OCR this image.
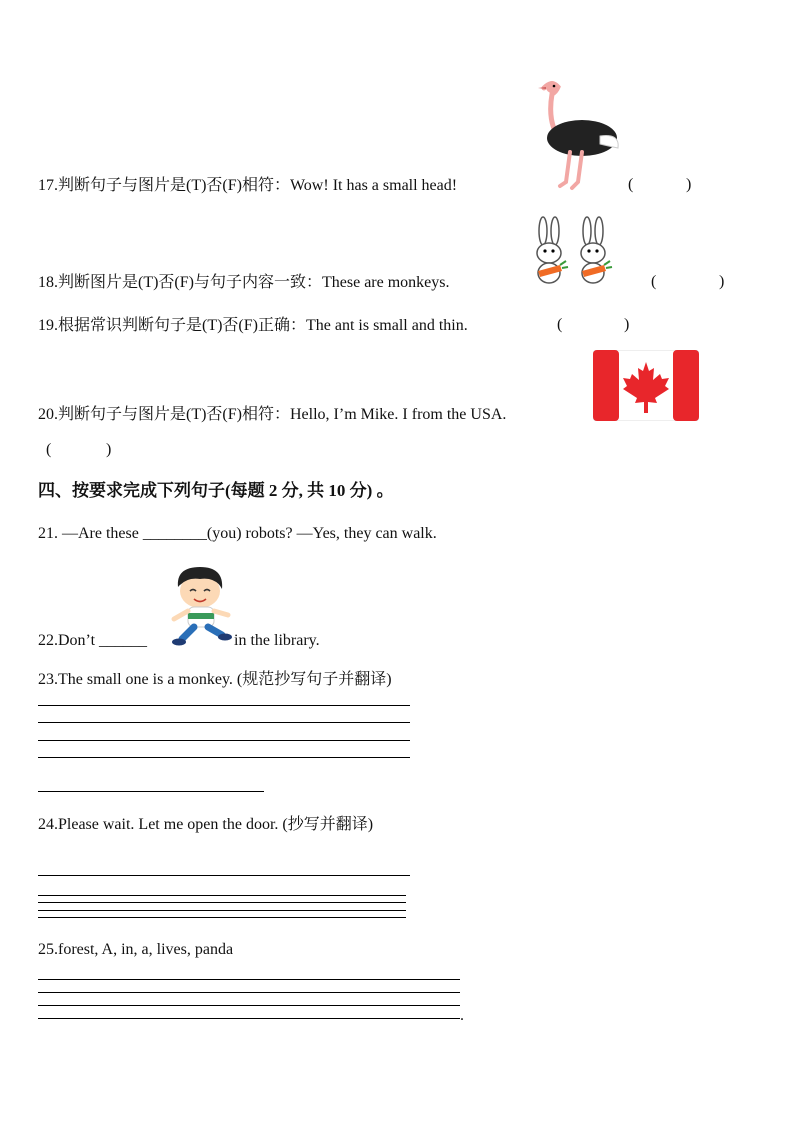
17.判断句子与图片是(T)否(F)相符：Wow! It has a small head!	(	)
18.判断图片是(T)否(F)与句子内容一致：These are monkeys.	(	)
19.根据常识判断句子是(T)否(F)正确：The ant is small and thin.	(	)
20.判断句子与图片是(T)否(F)相符：Hello, I’m Mike. I from the USA.
(	)
四、按要求完成下列句子(每题 2 分, 共 10 分) 。
21. —Are these ________(you) robots? —Yes, they can walk.
22.Don’t ______	in the library.
23.The small one is a monkey. (规范抄写句子并翻译)
24.Please wait. Let me open the door. (抄写并翻译)
25.forest, A, in, a, lives, panda
.
